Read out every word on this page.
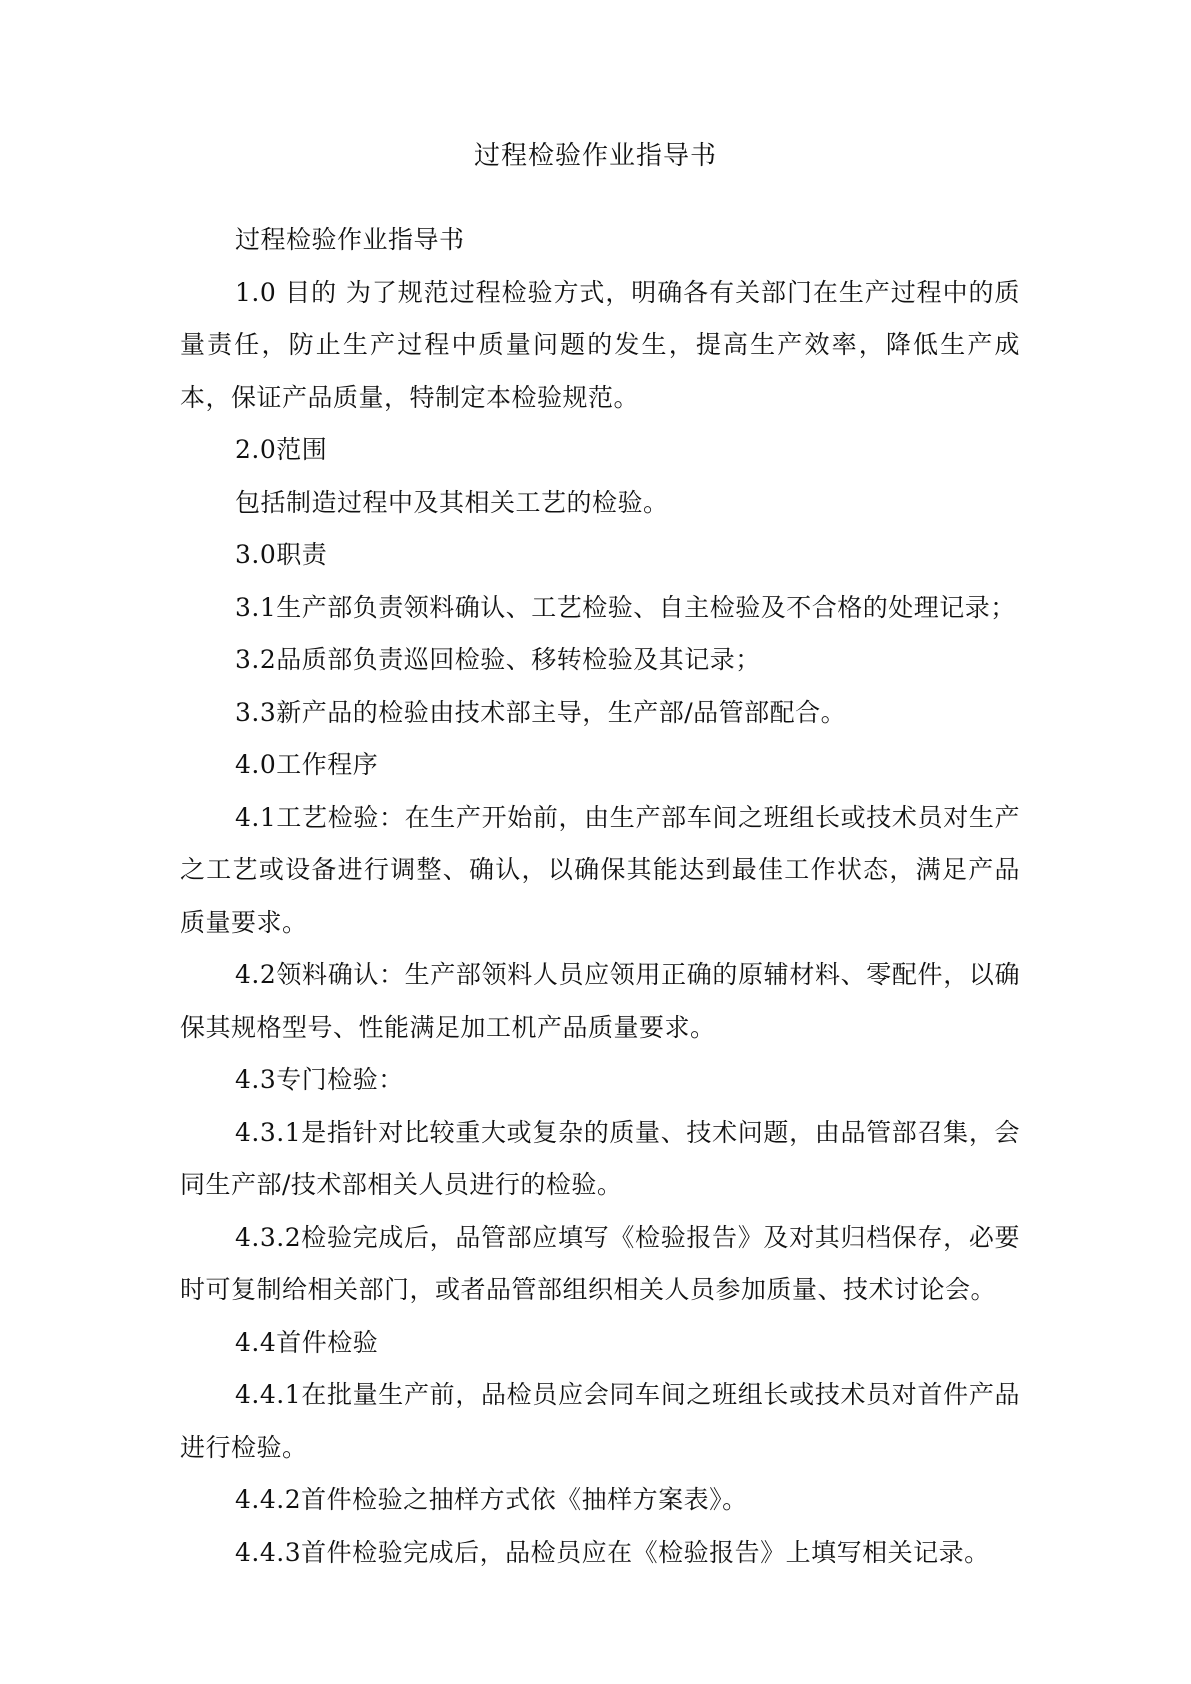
过程检验作业指导书

过程检验作业指导书

1.0 目的 为了规范过程检验方式，明确各有关部门在生产过程中的质量责任，防止生产过程中质量问题的发生，提高生产效率，降低生产成本，保证产品质量，特制定本检验规范。

2.0范围

包括制造过程中及其相关工艺的检验。

3.0职责

3.1生产部负责领料确认、工艺检验、自主检验及不合格的处理记录；

3.2品质部负责巡回检验、移转检验及其记录；

3.3新产品的检验由技术部主导，生产部/品管部配合。

4.0工作程序

4.1工艺检验：在生产开始前，由生产部车间之班组长或技术员对生产之工艺或设备进行调整、确认，以确保其能达到最佳工作状态，满足产品质量要求。

4.2领料确认：生产部领料人员应领用正确的原辅材料、零配件，以确保其规格型号、性能满足加工机产品质量要求。

4.3专门检验：

4.3.1是指针对比较重大或复杂的质量、技术问题，由品管部召集，会同生产部/技术部相关人员进行的检验。

4.3.2检验完成后，品管部应填写《检验报告》及对其归档保存，必要时可复制给相关部门，或者品管部组织相关人员参加质量、技术讨论会。

4.4首件检验

4.4.1在批量生产前，品检员应会同车间之班组长或技术员对首件产品进行检验。

4.4.2首件检验之抽样方式依《抽样方案表》。

4.4.3首件检验完成后，品检员应在《检验报告》上填写相关记录。
